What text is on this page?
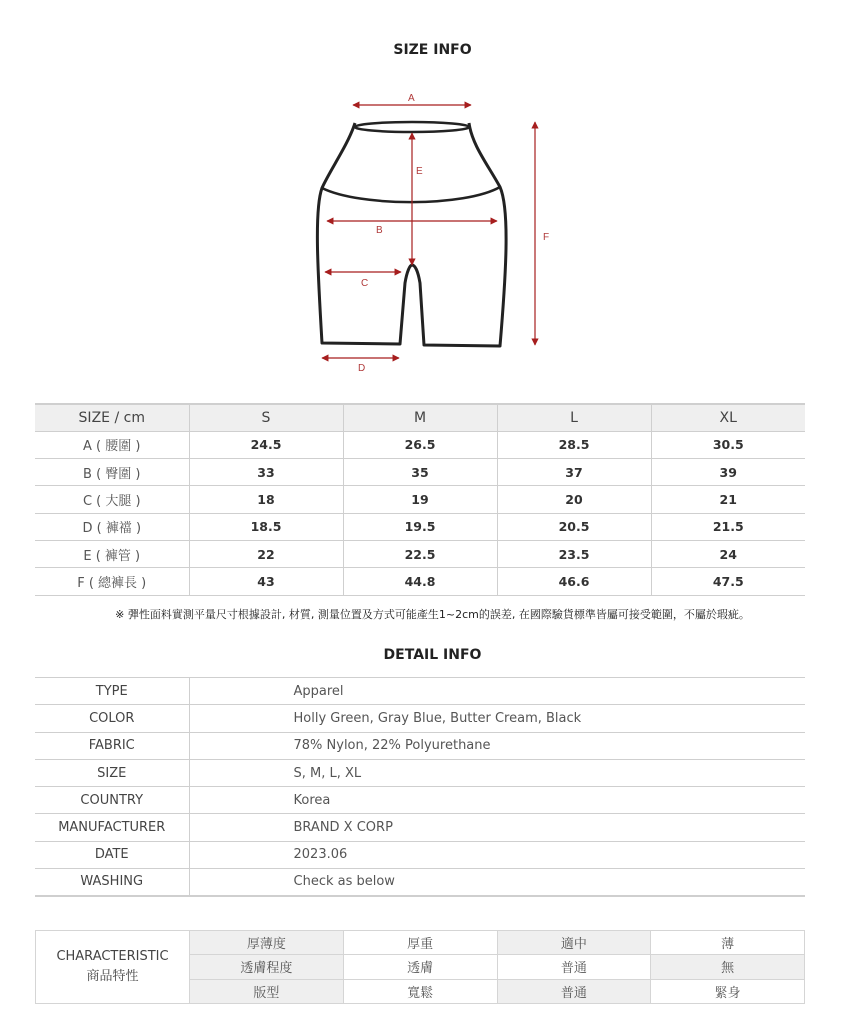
SIZE INFO
A
E
B
C
D
F
SIZE / cm	S	M	L	XL
A ( 腰圍 )	24.5	26.5	28.5	30.5
B ( 臀圍 )	33	35	37	39
C ( 大腿 )	18	19	20	21
D ( 褲襠 )	18.5	19.5	20.5	21.5
E ( 褲管 )	22	22.5	23.5	24
F ( 總褲長 )	43	44.8	46.6	47.5
※ 彈性面料實測平量尺寸根據設計, 材質, 測量位置及方式可能產生1~2cm的誤差, 在國際驗貨標準皆屬可接受範圍，不屬於瑕疵。
DETAIL INFO
TYPE	Apparel
COLOR	Holly Green, Gray Blue, Butter Cream, Black
FABRIC	78% Nylon, 22% Polyurethane
SIZE	S, M, L, XL
COUNTRY	Korea
MANUFACTURER	BRAND X CORP
DATE	2023.06
WASHING	Check as below
CHARACTERISTIC
商品特性	厚薄度	厚重	適中	薄
	透膚程度	透膚	普通	無
	版型	寬鬆	普通	緊身
